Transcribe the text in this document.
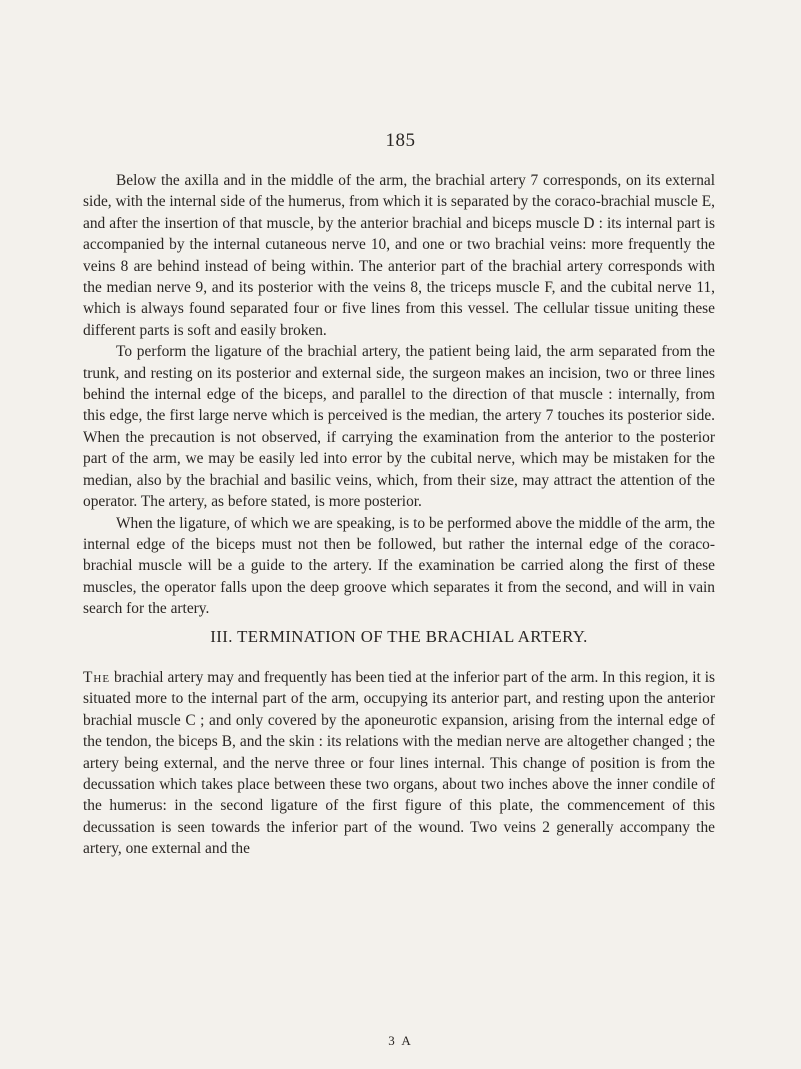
185

Below the axilla and in the middle of the arm, the brachial artery 7 corresponds, on its external side, with the internal side of the humerus, from which it is separated by the coraco-brachial muscle E, and after the insertion of that muscle, by the anterior brachial and biceps muscle D : its internal part is accompanied by the internal cutaneous nerve 10, and one or two brachial veins: more frequently the veins 8 are behind instead of being within. The anterior part of the brachial artery corresponds with the median nerve 9, and its posterior with the veins 8, the triceps muscle F, and the cubital nerve 11, which is always found separated four or five lines from this vessel. The cellular tissue uniting these different parts is soft and easily broken.

To perform the ligature of the brachial artery, the patient being laid, the arm separated from the trunk, and resting on its posterior and external side, the surgeon makes an incision, two or three lines behind the internal edge of the biceps, and parallel to the direction of that muscle : internally, from this edge, the first large nerve which is perceived is the median, the artery 7 touches its posterior side. When the precaution is not observed, if carrying the examination from the anterior to the posterior part of the arm, we may be easily led into error by the cubital nerve, which may be mistaken for the median, also by the brachial and basilic veins, which, from their size, may attract the attention of the operator. The artery, as before stated, is more posterior.

When the ligature, of which we are speaking, is to be performed above the middle of the arm, the internal edge of the biceps must not then be followed, but rather the internal edge of the coraco-brachial muscle will be a guide to the artery. If the examination be carried along the first of these muscles, the operator falls upon the deep groove which separates it from the second, and will in vain search for the artery.

III. TERMINATION OF THE BRACHIAL ARTERY.

The brachial artery may and frequently has been tied at the inferior part of the arm. In this region, it is situated more to the internal part of the arm, occupying its anterior part, and resting upon the anterior brachial muscle C ; and only covered by the aponeurotic expansion, arising from the internal edge of the tendon, the biceps B, and the skin : its relations with the median nerve are altogether changed ; the artery being external, and the nerve three or four lines internal. This change of position is from the decussation which takes place between these two organs, about two inches above the inner condile of the humerus: in the second ligature of the first figure of this plate, the commencement of this decussation is seen towards the inferior part of the wound. Two veins 2 generally accompany the artery, one external and the

3 A
